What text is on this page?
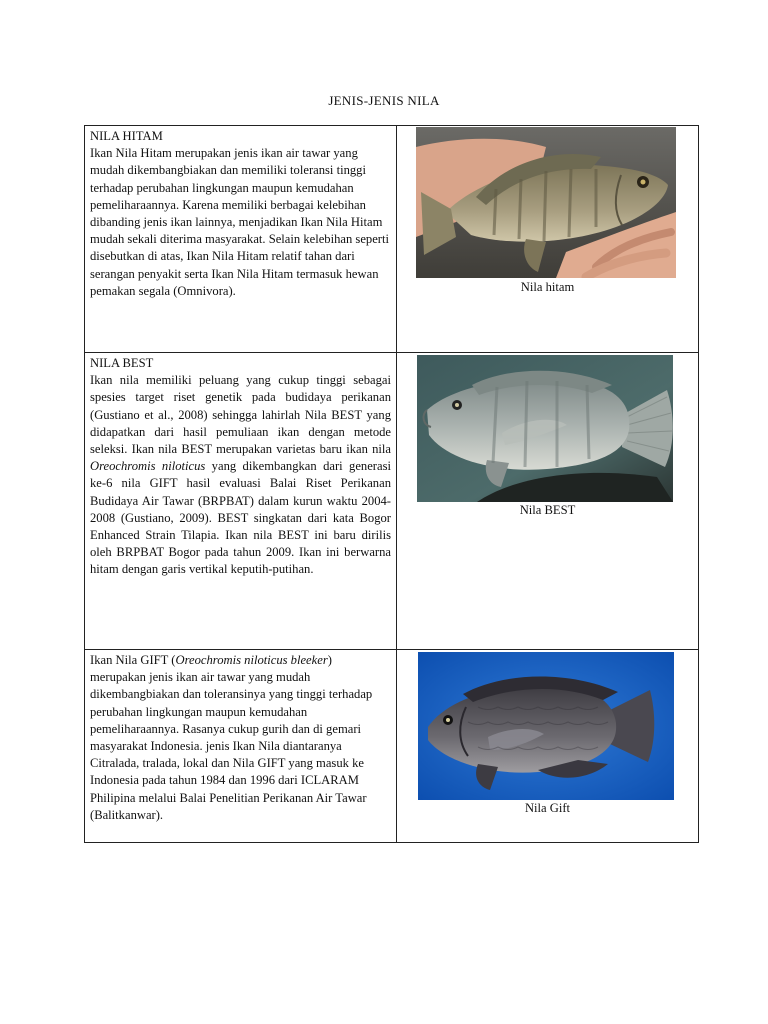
JENIS-JENIS NILA
NILA HITAM
Ikan Nila Hitam merupakan jenis ikan air tawar yang mudah dikembangbiakan dan memiliki toleransi tinggi terhadap perubahan lingkungan maupun kemudahan pemeliharaannya. Karena memiliki berbagai kelebihan dibanding jenis ikan lainnya, menjadikan Ikan Nila Hitam mudah sekali diterima masyarakat. Selain kelebihan seperti disebutkan di atas, Ikan Nila Hitam relatif tahan dari serangan penyakit serta Ikan Nila Hitam termasuk hewan pemakan segala (Omnivora).	Nila hitam

NILA BEST
Ikan nila memiliki peluang yang cukup tinggi sebagai spesies target riset genetik pada budidaya perikanan (Gustiano et al., 2008) sehingga lahirlah Nila BEST yang didapatkan dari hasil pemuliaan ikan dengan metode seleksi. Ikan nila BEST merupakan varietas baru ikan nila Oreochromis niloticus yang dikembangkan dari generasi ke-6 nila GIFT hasil evaluasi Balai Riset Perikanan Budidaya Air Tawar (BRPBAT) dalam kurun waktu 2004-2008 (Gustiano, 2009). BEST singkatan dari kata Bogor Enhanced Strain Tilapia. Ikan nila BEST ini baru dirilis oleh BRPBAT Bogor pada tahun 2009. Ikan ini berwarna hitam dengan garis vertikal keputih-putihan.	Nila BEST

Ikan Nila GIFT (Oreochromis niloticus bleeker) merupakan jenis ikan air tawar yang mudah dikembangbiakan dan toleransinya yang tinggi terhadap perubahan lingkungan maupun kemudahan pemeliharaannya. Rasanya cukup gurih dan di gemari masyarakat Indonesia. jenis Ikan Nila diantaranya Citralada, tralada, lokal dan Nila GIFT yang masuk ke Indonesia pada tahun 1984 dan 1996 dari ICLARAM Philipina melalui Balai Penelitian Perikanan Air Tawar (Balitkanwar).	Nila Gift
